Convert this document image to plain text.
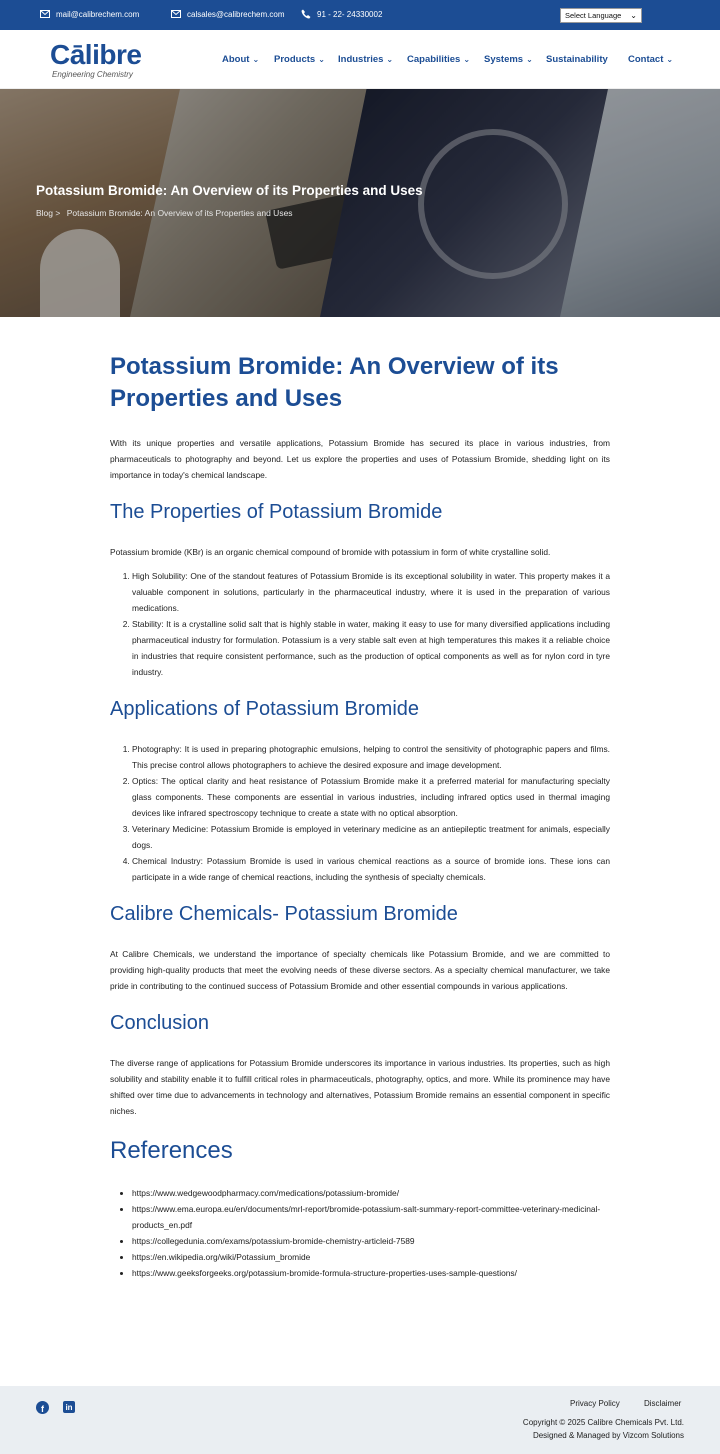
mail@calibrechem.com	calsales@calibrechem.com	91 - 22- 24330002	Select Language ⌄
Cālibre
Engineering Chemistry
About ⌄ Products ⌄ Industries ⌄ Capabilities ⌄ Systems ⌄ Sustainability Contact ⌄
Potassium Bromide: An Overview of its Properties and Uses
Blog > Potassium Bromide: An Overview of its Properties and Uses
Potassium Bromide: An Overview of its Properties and Uses

With its unique properties and versatile applications, Potassium Bromide has secured its place in various industries, from pharmaceuticals to photography and beyond. Let us explore the properties and uses of Potassium Bromide, shedding light on its importance in today's chemical landscape.

The Properties of Potassium Bromide

Potassium bromide (KBr) is an organic chemical compound of bromide with potassium in form of white crystalline solid.

1. High Solubility: One of the standout features of Potassium Bromide is its exceptional solubility in water. This property makes it a valuable component in solutions, particularly in the pharmaceutical industry, where it is used in the preparation of various medications.
2. Stability: It is a crystalline solid salt that is highly stable in water, making it easy to use for many diversified applications including pharmaceutical industry for formulation. Potassium is a very stable salt even at high temperatures this makes it a reliable choice in industries that require consistent performance, such as the production of optical components as well as for nylon cord in tyre industry.
Applications of Potassium Bromide
1. Photography: It is used in preparing photographic emulsions, helping to control the sensitivity of photographic papers and films. This precise control allows photographers to achieve the desired exposure and image development.
2. Optics: The optical clarity and heat resistance of Potassium Bromide make it a preferred material for manufacturing specialty glass components. These components are essential in various industries, including infrared optics used in thermal imaging devices like infrared spectroscopy technique to create a state with no optical absorption.
3. Veterinary Medicine: Potassium Bromide is employed in veterinary medicine as an antiepileptic treatment for animals, especially dogs.
4. Chemical Industry: Potassium Bromide is used in various chemical reactions as a source of bromide ions. These ions can participate in a wide range of chemical reactions, including the synthesis of specialty chemicals.
Calibre Chemicals- Potassium Bromide

At Calibre Chemicals, we understand the importance of specialty chemicals like Potassium Bromide, and we are committed to providing high-quality products that meet the evolving needs of these diverse sectors. As a specialty chemical manufacturer, we take pride in contributing to the continued success of Potassium Bromide and other essential compounds in various applications.

Conclusion

The diverse range of applications for Potassium Bromide underscores its importance in various industries. Its properties, such as high solubility and stability enable it to fulfill critical roles in pharmaceuticals, photography, optics, and more. While its prominence may have shifted over time due to advancements in technology and alternatives, Potassium Bromide remains an essential component in specific niches.

References
• https://www.wedgewoodpharmacy.com/medications/potassium-bromide/
• https://www.ema.europa.eu/en/documents/mrl-report/bromide-potassium-salt-summary-report-committee-veterinary-medicinal-products_en.pdf
• https://collegedunia.com/exams/potassium-bromide-chemistry-articleid-7589
• https://en.wikipedia.org/wiki/Potassium_bromide
• https://www.geeksforgeeks.org/potassium-bromide-formula-structure-properties-uses-sample-questions/
f	in	Privacy Policy	Disclaimer
Copyright © 2025 Calibre Chemicals Pvt. Ltd.
Designed & Managed by Vizcom Solutions
